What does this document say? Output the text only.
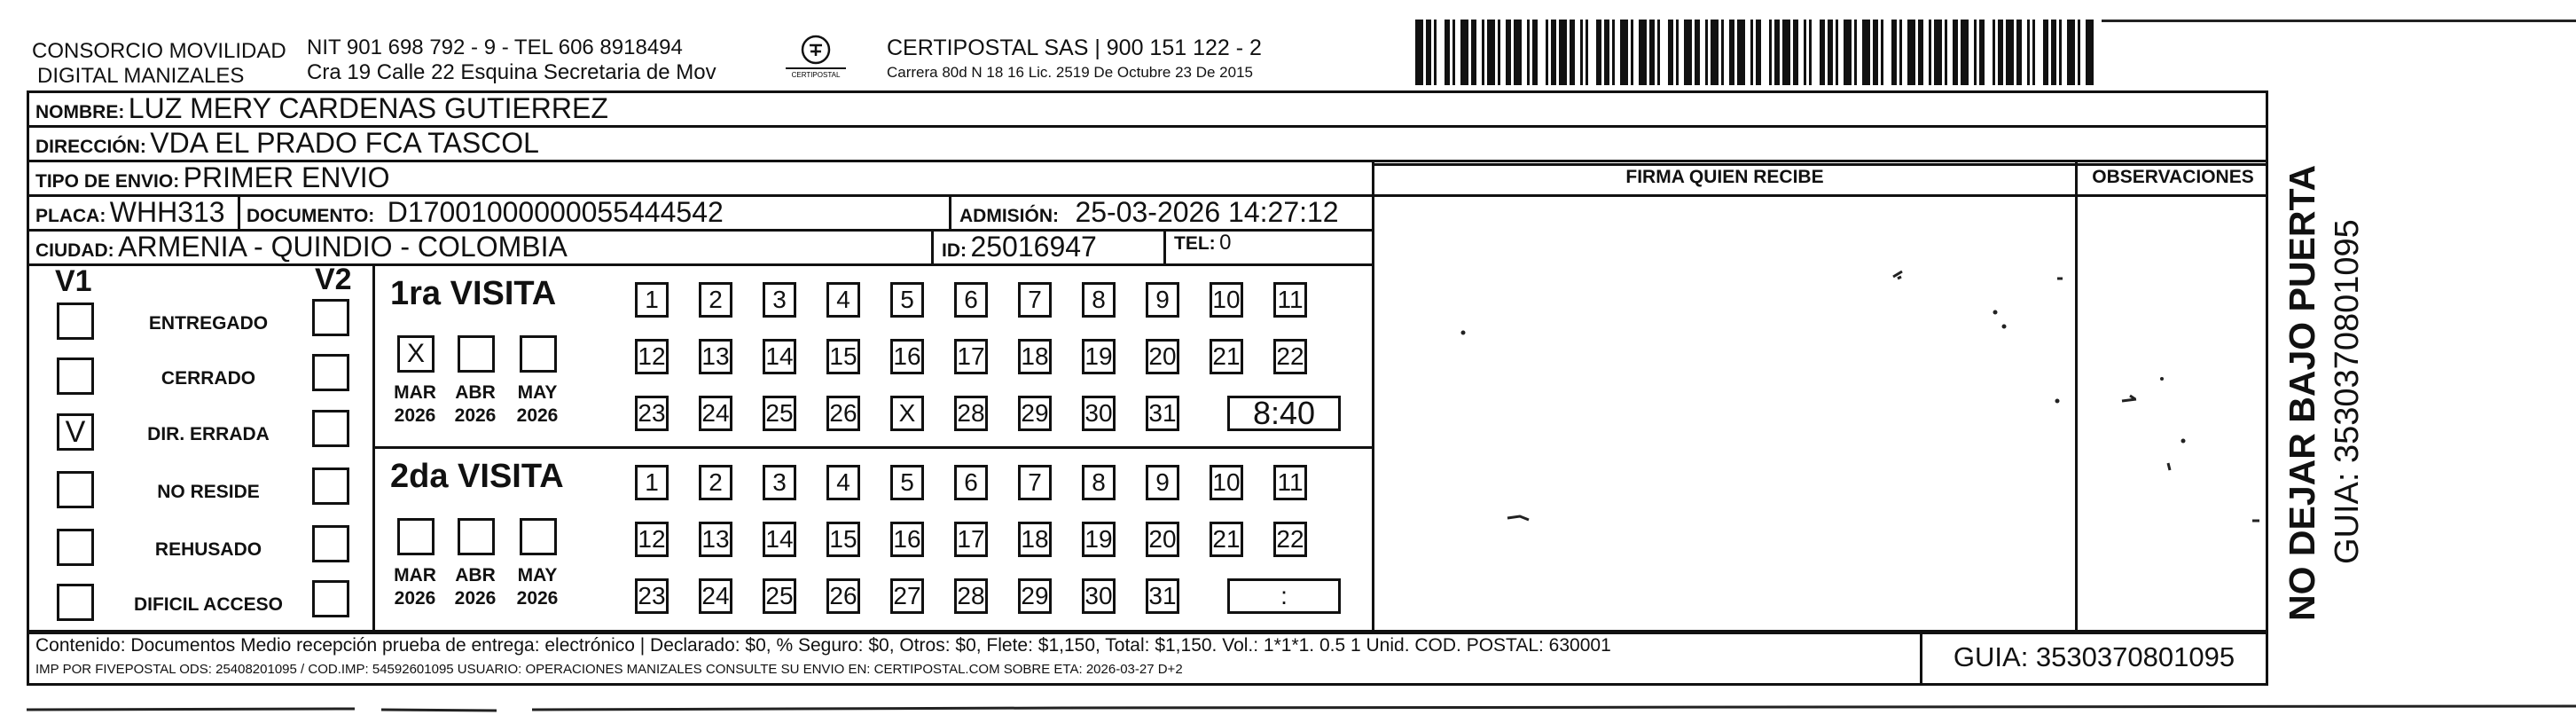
CONSORCIO MOVILIDAD
DIGITAL MANIZALES
NIT 901 698 792 - 9 - TEL 606 8918494
Cra 19 Calle 22 Esquina Secretaria de Mov	CERTIPOSTAL
CERTIPOSTAL SAS | 900 151 122 - 2
Carrera 80d N 18 16 Lic. 2519 De Octubre 23 De 2015
NOMBRE: LUZ MERY CARDENAS GUTIERREZ
DIRECCIÓN: VDA EL PRADO FCA TASCOL
TIPO DE ENVIO: PRIMER ENVIO
PLACA: WHH313 DOCUMENTO: D17001000000055444542	ADMISIÓN: 25-03-2026 14:27:12
CIUDAD: ARMENIA - QUINDIO - COLOMBIA	ID: 25016947	TEL: 0
FIRMA QUIEN RECIBE	OBSERVACIONES
V1	V2
ENTREGADO
CERRADO
V	DIR. ERRADA
NO RESIDE
REHUSADO
DIFICIL ACCESO
1ra VISITA
X
MAR
2026
ABR
2026
MAY
2026
1	2	3	4	5	6	7	8	9	10 11
12 13 14 15 16 17 18 19 20 21 22
23 24 25 26	X	28 29 30 31	8:40
2da VISITA
MAR
2026
ABR
2026
MAY
2026
1	2	3	4	5	6	7	8	9	10 11
12 13 14 15 16 17 18 19 20 21 22
23 24 25 26 27 28 29 30 31	:
Contenido: Documentos Medio recepción prueba de entrega: electrónico | Declarado: $0, % Seguro: $0, Otros: $0, Flete: $1,150, Total: $1,150. Vol.: 1*1*1. 0.5 1 Unid. COD. POSTAL: 630001
IMP POR FIVEPOSTAL ODS: 25408201095 / COD.IMP: 54592601095 USUARIO: OPERACIONES MANIZALES CONSULTE SU ENVIO EN: CERTIPOSTAL.COM SOBRE ETA: 2026-03-27 D+2	GUIA: 3530370801095
NO DEJAR BAJO PUERTA GUIA: 3530370801095
